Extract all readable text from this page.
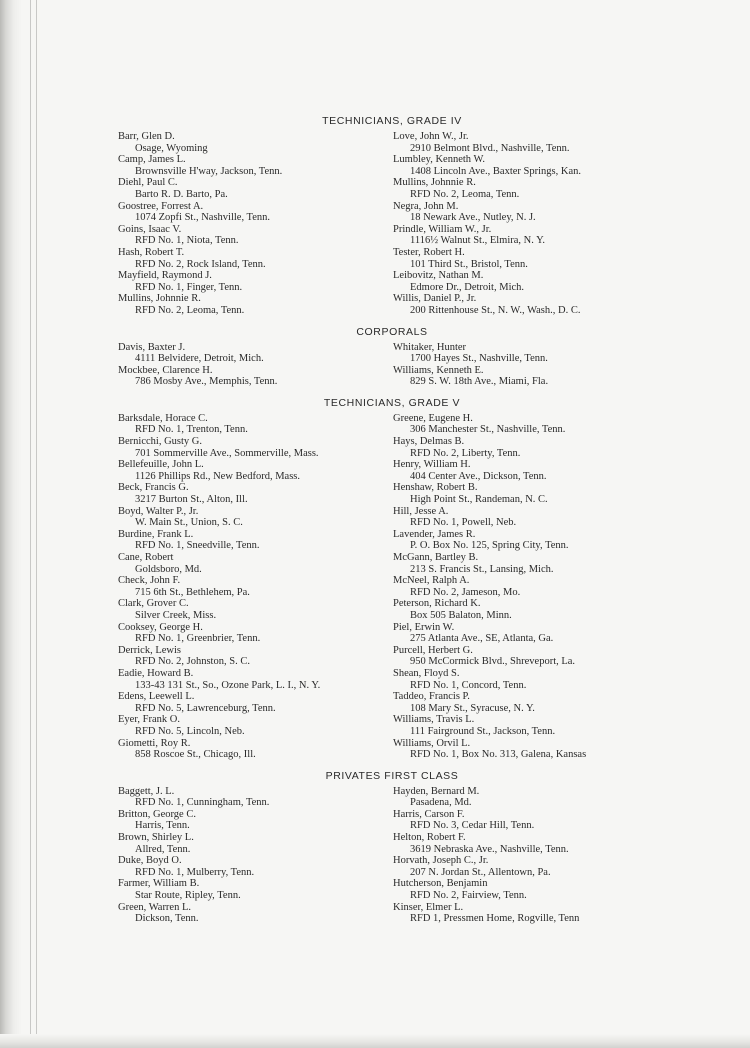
TECHNICIANS, GRADE IV
Barr, Glen D.
Osage, Wyoming
Camp, James L.
Brownsville H'way, Jackson, Tenn.
Diehl, Paul C.
Barto R. D. Barto, Pa.
Goostree, Forrest A.
1074 Zopfi St., Nashville, Tenn.
Goins, Isaac V.
RFD No. 1, Niota, Tenn.
Hash, Robert T.
RFD No. 2, Rock Island, Tenn.
Mayfield, Raymond J.
RFD No. 1, Finger, Tenn.
Mullins, Johnnie R.
RFD No. 2, Leoma, Tenn.
Love, John W., Jr.
2910 Belmont Blvd., Nashville, Tenn.
Lumbley, Kenneth W.
1408 Lincoln Ave., Baxter Springs, Kan.
Mullins, Johnnie R.
RFD No. 2, Leoma, Tenn.
Negra, John M.
18 Newark Ave., Nutley, N. J.
Prindle, William W., Jr.
1116½ Walnut St., Elmira, N. Y.
Tester, Robert H.
101 Third St., Bristol, Tenn.
Leibovitz, Nathan M.
Edmore Dr., Detroit, Mich.
Willis, Daniel P., Jr.
200 Rittenhouse St., N. W., Wash., D. C.
CORPORALS
Davis, Baxter J.
4111 Belvidere, Detroit, Mich.
Mockbee, Clarence H.
786 Mosby Ave., Memphis, Tenn.
Whitaker, Hunter
1700 Hayes St., Nashville, Tenn.
Williams, Kenneth E.
829 S. W. 18th Ave., Miami, Fla.
TECHNICIANS, GRADE V
Barksdale, Horace C.
RFD No. 1, Trenton, Tenn.
Bernicchi, Gusty G.
701 Sommerville Ave., Sommerville, Mass.
Bellefeuille, John L.
1126 Phillips Rd., New Bedford, Mass.
Beck, Francis G.
3217 Burton St., Alton, Ill.
Boyd, Walter P., Jr.
W. Main St., Union, S. C.
Burdine, Frank L.
RFD No. 1, Sneedville, Tenn.
Cane, Robert
Goldsboro, Md.
Check, John F.
715 6th St., Bethlehem, Pa.
Clark, Grover C.
Silver Creek, Miss.
Cooksey, George H.
RFD No. 1, Greenbrier, Tenn.
Derrick, Lewis
RFD No. 2, Johnston, S. C.
Eadie, Howard B.
133-43 131 St., So., Ozone Park, L. I., N. Y.
Edens, Leewell L.
RFD No. 5, Lawrenceburg, Tenn.
Eyer, Frank O.
RFD No. 5, Lincoln, Neb.
Giometti, Roy R.
858 Roscoe St., Chicago, Ill.
Greene, Eugene H.
306 Manchester St., Nashville, Tenn.
Hays, Delmas B.
RFD No. 2, Liberty, Tenn.
Henry, William H.
404 Center Ave., Dickson, Tenn.
Henshaw, Robert B.
High Point St., Randeman, N. C.
Hill, Jesse A.
RFD No. 1, Powell, Neb.
Lavender, James R.
P. O. Box No. 125, Spring City, Tenn.
McGann, Bartley B.
213 S. Francis St., Lansing, Mich.
McNeel, Ralph A.
RFD No. 2, Jameson, Mo.
Peterson, Richard K.
Box 505 Balaton, Minn.
Piel, Erwin W.
275 Atlanta Ave., SE, Atlanta, Ga.
Purcell, Herbert G.
950 McCormick Blvd., Shreveport, La.
Shean, Floyd S.
RFD No. 1, Concord, Tenn.
Taddeo, Francis P.
108 Mary St., Syracuse, N. Y.
Williams, Travis L.
111 Fairground St., Jackson, Tenn.
Williams, Orvil L.
RFD No. 1, Box No. 313, Galena, Kansas
PRIVATES FIRST CLASS
Baggett, J. L.
RFD No. 1, Cunningham, Tenn.
Britton, George C.
Harris, Tenn.
Brown, Shirley L.
Allred, Tenn.
Duke, Boyd O.
RFD No. 1, Mulberry, Tenn.
Farmer, William B.
Star Route, Ripley, Tenn.
Green, Warren L.
Dickson, Tenn.
Hayden, Bernard M.
Pasadena, Md.
Harris, Carson F.
RFD No. 3, Cedar Hill, Tenn.
Helton, Robert F.
3619 Nebraska Ave., Nashville, Tenn.
Horvath, Joseph C., Jr.
207 N. Jordan St., Allentown, Pa.
Hutcherson, Benjamin
RFD No. 2, Fairview, Tenn.
Kinser, Elmer L.
RFD 1, Pressmen Home, Rogville, Tenn
